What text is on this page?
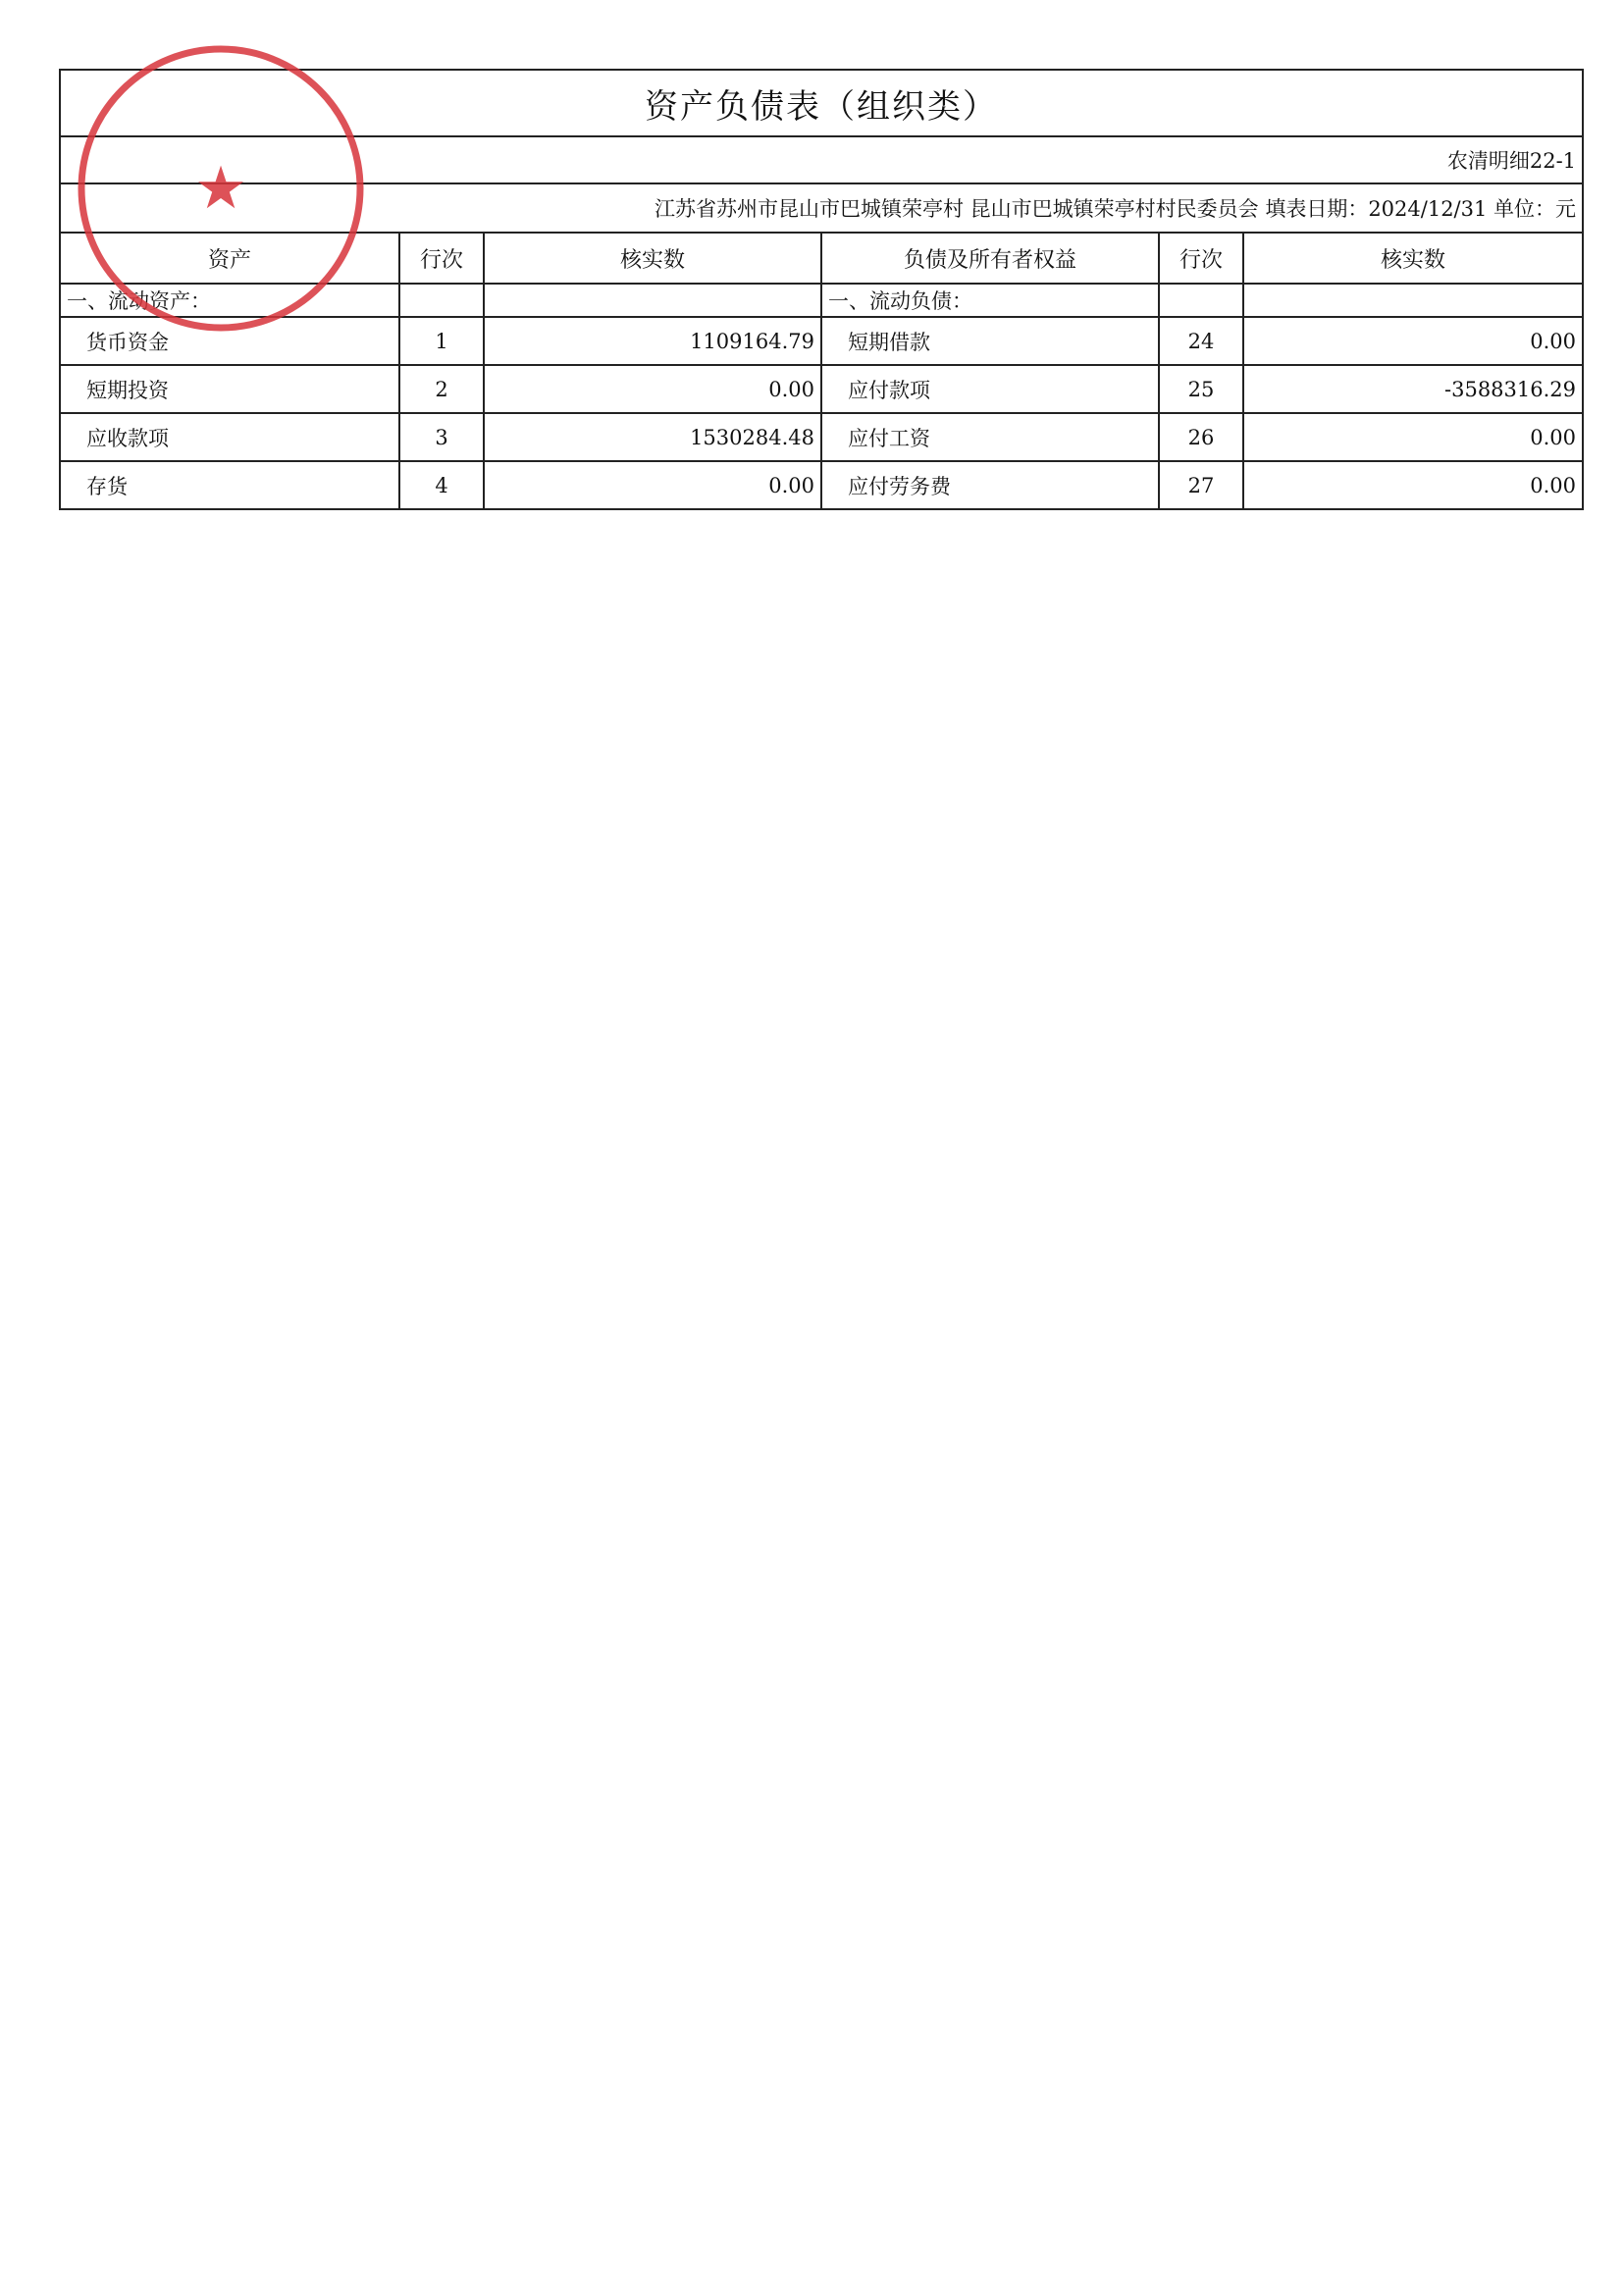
资产负债表（组织类）					
农清明细22-1					
江苏省苏州市昆山市巴城镇荣亭村 昆山市巴城镇荣亭村村民委员会 填表日期：2024/12/31 单位：元					
资产	行次	核实数	负债及所有者权益	行次	核实数
一、流动资产：			一、流动负债：		
货币资金	1	1109164.79	短期借款	24	0.00
短期投资	2	0.00	应付款项	25	-3588316.29
应收款项	3	1530284.48	应付工资	26	0.00
存货	4	0.00	应付劳务费	27	0.00
★
